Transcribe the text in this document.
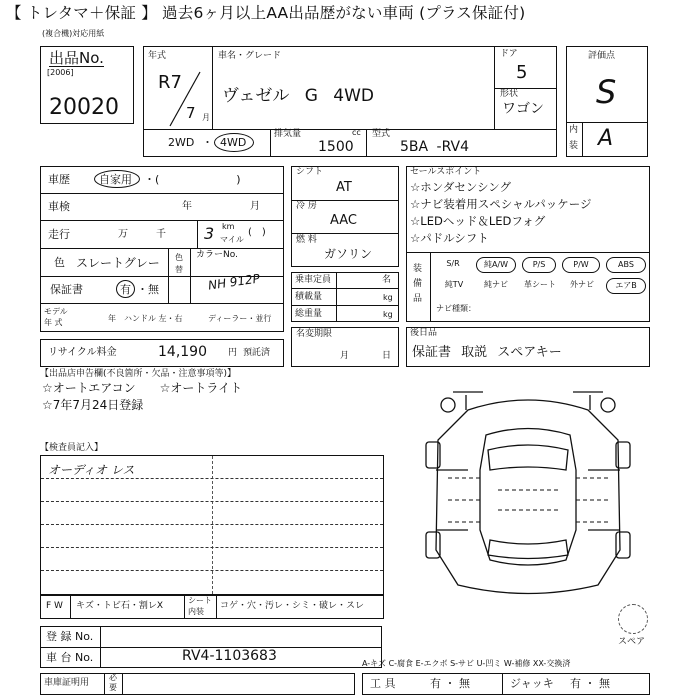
【 トレタマ＋保証 】 過去6ヶ月以上AA出品歴がない車両 (プラス保証付)
(複合機)対応用紙
出品No.
[2006]
20020
年式
R7
7 月
車名・グレード
ヴェゼル G 4WD
ドア
5
形状
ワゴン
2WD ・ 4WD
排気量	cc
1500
型式
5BA -RV4
評価点
S
内
装 A
車歴	自家用 ・(　　　　　　　)
車検	年	月
走行	万	千 3 km
マイル
(　)
色 スレートグレー 色
替
カラーNo.
NH 912P
保証書	有 ・無
モデル
年 式	年 ハンドル 左・右	ディーラー・並行
リサイクル料金	14,190 円 預託済
シフト
AT
冷 房
AAC
燃 料
ガソリン
乗車定員	名
積載量	kg
総重量	kg
名変期限
月	日
セールスポイント
☆ホンダセンシング
☆ナビ装着用スペシャルパッケージ
☆LEDヘッド＆LEDフォグ
☆パドルシフト
装
備
品
S/R	純A/W	P/S	P/W	ABS
純TV	純ナビ	革シート	外ナビ	エアB
ナビ種類：
後日品
保証書 取説 スペアキー
【出品店申告欄(不良箇所・欠品・注意事項等)】
☆オートエアコン　　☆オートライト
☆7年7月24日登録
【検査員記入】
オーディオ レス
F W キズ・トビ石・割レX
シート
内装
コゲ・穴・汚レ・シミ・破レ・スレ
スペア
登 録 No.
車 台 No.	RV4-1103683	A-キズ C-腐食 E-エクボ S-サビ U-凹ミ W-補修 XX-交換済
車庫証明用
必
要	工 具	有 ・ 無	ジャッキ 有 ・ 無
